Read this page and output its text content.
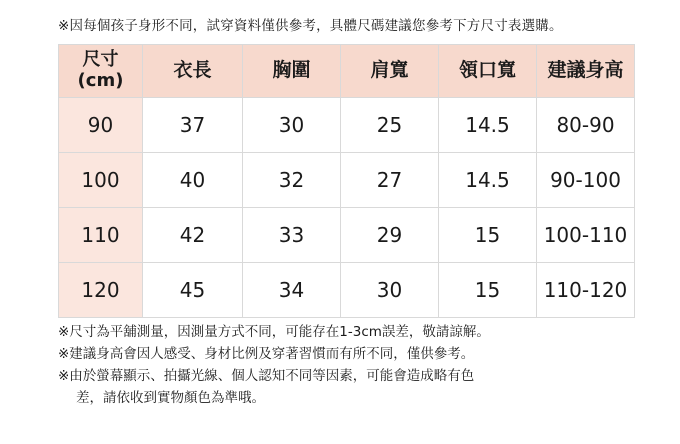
※因每個孩子身形不同，試穿資料僅供參考，具體尺碼建議您參考下方尺寸表選購。
尺寸
(cm)	衣長	胸圍	肩寬	領口寬	建議身高
90	37	30	25	14.5	80-90
100	40	32	27	14.5	90-100
110	42	33	29	15	100-110
120	45	34	30	15	110-120
※尺寸為平舖測量，因測量方式不同，可能存在1-3cm誤差，敬請諒解。
※建議身高會因人感受、身材比例及穿著習慣而有所不同，僅供參考。
※由於螢幕顯示、拍攝光線、個人認知不同等因素，可能會造成略有色
差，請依收到實物顏色為準哦。
